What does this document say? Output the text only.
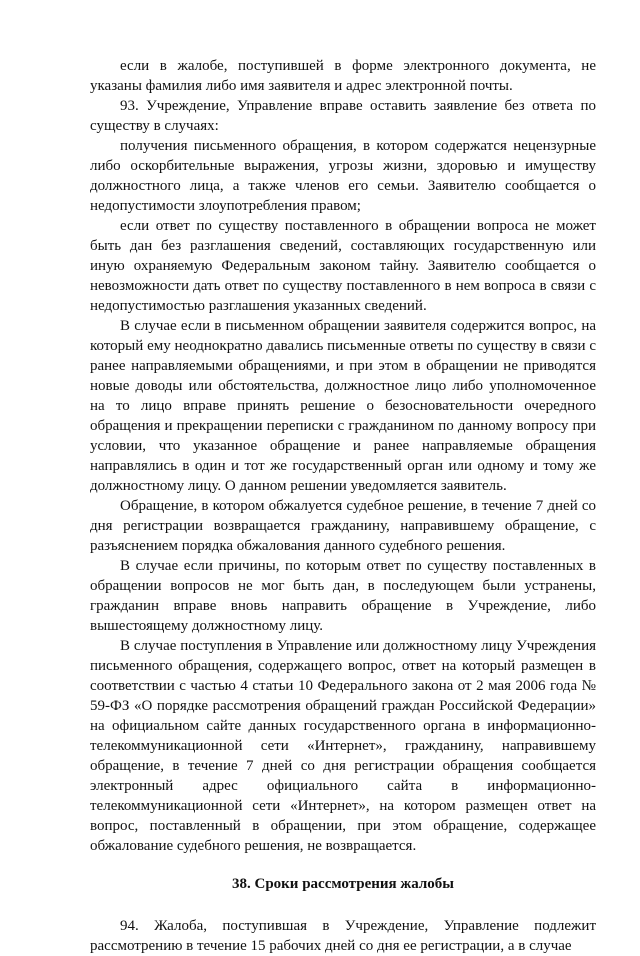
если в жалобе, поступившей в форме электронного документа, не указаны фамилия либо имя заявителя и адрес электронной почты.

93. Учреждение, Управление вправе оставить заявление без ответа по существу в случаях:

получения письменного обращения, в котором содержатся нецензурные либо оскорбительные выражения, угрозы жизни, здоровью и имуществу должностного лица, а также членов его семьи. Заявителю сообщается о недопустимости злоупотребления правом;

если ответ по существу поставленного в обращении вопроса не может быть дан без разглашения сведений, составляющих государственную или иную охраняемую Федеральным законом тайну. Заявителю сообщается о невозможности дать ответ по существу поставленного в нем вопроса в связи с недопустимостью разглашения указанных сведений.

В случае если в письменном обращении заявителя содержится вопрос, на который ему неоднократно давались письменные ответы по существу в связи с ранее направляемыми обращениями, и при этом в обращении не приводятся новые доводы или обстоятельства, должностное лицо либо уполномоченное на то лицо вправе принять решение о безосновательности очередного обращения и прекращении переписки с гражданином по данному вопросу при условии, что указанное обращение и ранее направляемые обращения направлялись в один и тот же государственный орган или одному и тому же должностному лицу. О данном решении уведомляется заявитель.

Обращение, в котором обжалуется судебное решение, в течение 7 дней со дня регистрации возвращается гражданину, направившему обращение, с разъяснением порядка обжалования данного судебного решения.

В случае если причины, по которым ответ по существу поставленных в обращении вопросов не мог быть дан, в последующем были устранены, гражданин вправе вновь направить обращение в Учреждение, либо вышестоящему должностному лицу.

В случае поступления в Управление или должностному лицу Учреждения письменного обращения, содержащего вопрос, ответ на который размещен в соответствии с частью 4 статьи 10 Федерального закона от 2 мая 2006 года № 59-ФЗ «О порядке рассмотрения обращений граждан Российской Федерации» на официальном сайте данных государственного органа в информационно-телекоммуникационной сети «Интернет», гражданину, направившему обращение, в течение 7 дней со дня регистрации обращения сообщается электронный адрес официального сайта в информационно-телекоммуникационной сети «Интернет», на котором размещен ответ на вопрос, поставленный в обращении, при этом обращение, содержащее обжалование судебного решения, не возвращается.

38. Сроки рассмотрения жалобы

94. Жалоба, поступившая в Учреждение, Управление подлежит рассмотрению в течение 15 рабочих дней со дня ее регистрации, а в случае
